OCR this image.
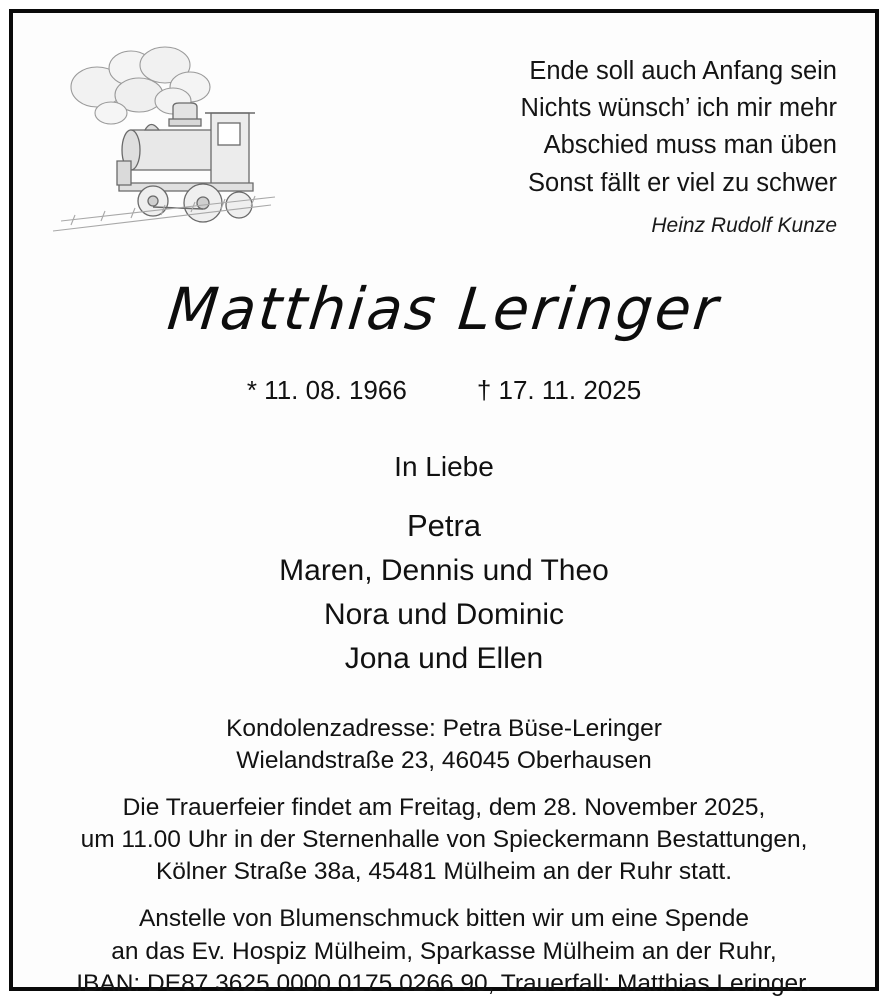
Ende soll auch Anfang sein
Nichts wünsch’ ich mir mehr
Abschied muss man üben
Sonst fällt er viel zu schwer
Heinz Rudolf Kunze
Matthias Leringer
* 11. 08. 1966	† 17. 11. 2025
In Liebe
Petra
Maren, Dennis und Theo
Nora und Dominic
Jona und Ellen
Kondolenzadresse: Petra Büse-Leringer
Wielandstraße 23, 46045 Oberhausen
Die Trauerfeier findet am Freitag, dem 28. November 2025,
um 11.00 Uhr in der Sternenhalle von Spieckermann Bestattungen,
Kölner Straße 38a, 45481 Mülheim an der Ruhr statt.
Anstelle von Blumenschmuck bitten wir um eine Spende
an das Ev. Hospiz Mülheim, Sparkasse Mülheim an der Ruhr,
IBAN: DE87 3625 0000 0175 0266 90, Trauerfall: Matthias Leringer.
